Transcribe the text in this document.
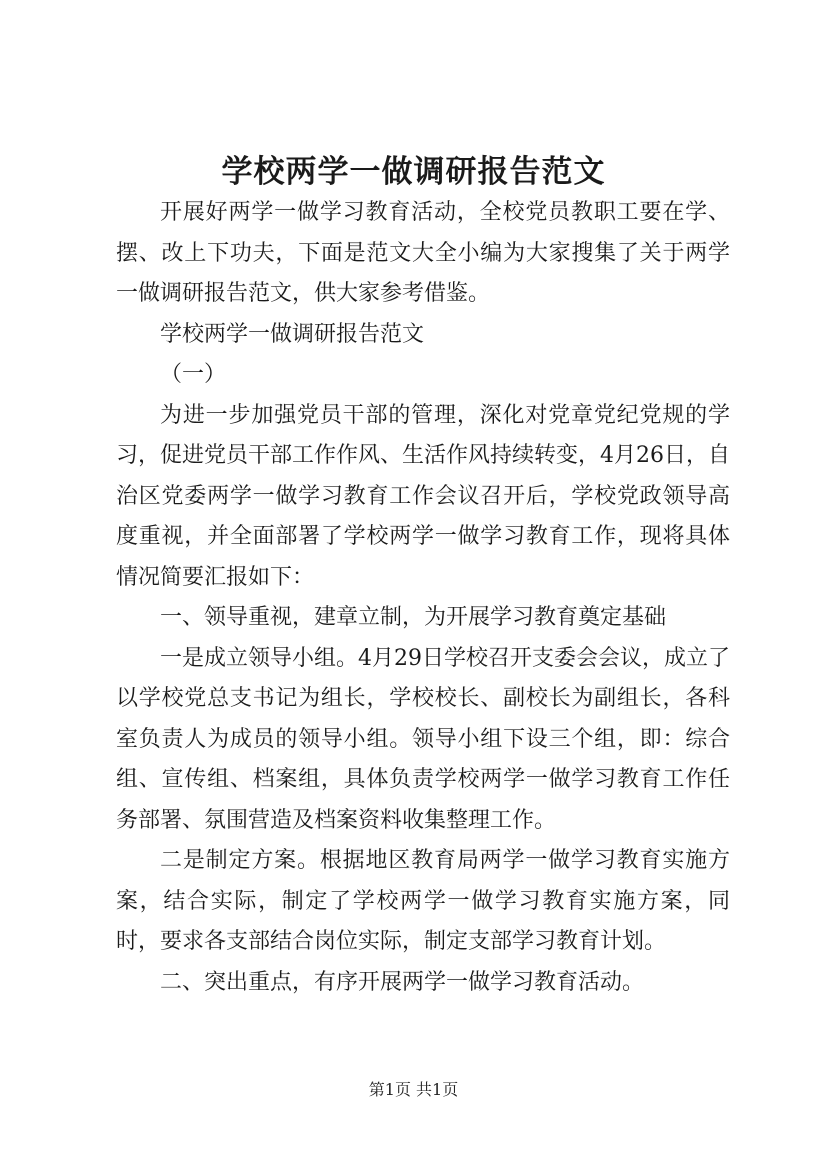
学校两学一做调研报告范文

开展好两学一做学习教育活动，全校党员教职工要在学、摆、改上下功夫，下面是范文大全小编为大家搜集了关于两学一做调研报告范文，供大家参考借鉴。

学校两学一做调研报告范文

（一）

为进一步加强党员干部的管理，深化对党章党纪党规的学习，促进党员干部工作作风、生活作风持续转变，4月26日，自治区党委两学一做学习教育工作会议召开后，学校党政领导高度重视，并全面部署了学校两学一做学习教育工作，现将具体情况简要汇报如下：

一、领导重视，建章立制，为开展学习教育奠定基础

一是成立领导小组。4月29日学校召开支委会会议，成立了以学校党总支书记为组长，学校校长、副校长为副组长，各科室负责人为成员的领导小组。领导小组下设三个组，即：综合组、宣传组、档案组，具体负责学校两学一做学习教育工作任务部署、氛围营造及档案资料收集整理工作。

二是制定方案。根据地区教育局两学一做学习教育实施方案，结合实际，制定了学校两学一做学习教育实施方案，同时，要求各支部结合岗位实际，制定支部学习教育计划。

二、突出重点，有序开展两学一做学习教育活动。

第1页 共1页
